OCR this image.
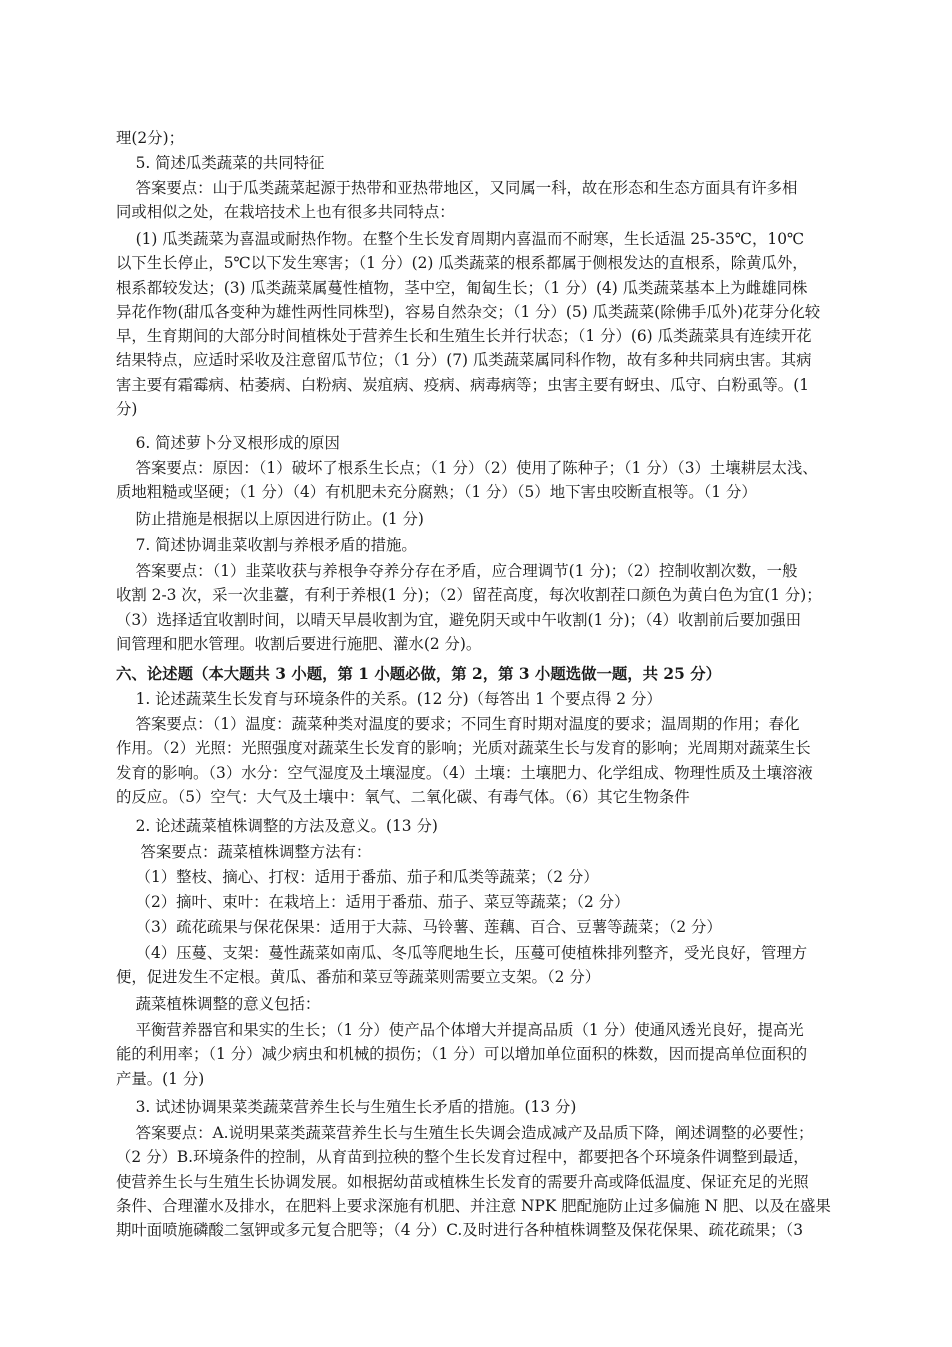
理(2分)；
5. 简述瓜类蔬菜的共同特征
答案要点：山于瓜类蔬菜起源于热带和亚热带地区，又同属一科，故在形态和生态方面具有许多相
同或相似之处，在栽培技术上也有很多共同特点：
(1) 瓜类蔬菜为喜温或耐热作物。在整个生长发育周期内喜温而不耐寒，生长适温 25-35℃，10℃
以下生长停止，5℃以下发生寒害；（1 分）(2) 瓜类蔬菜的根系都属于侧根发达的直根系，除黄瓜外，
根系都较发达；(3) 瓜类蔬菜属蔓性植物，茎中空，匍匐生长；（1 分）(4) 瓜类蔬菜基本上为雌雄同株
异花作物(甜瓜各变种为雄性两性同株型)，容易自然杂交；（1 分）(5) 瓜类蔬菜(除佛手瓜外)花芽分化较
早，生育期间的大部分时间植株处于营养生长和生殖生长并行状态；（1 分）(6) 瓜类蔬菜具有连续开花
结果特点，应适时采收及注意留瓜节位；（1 分）(7) 瓜类蔬菜属同科作物，故有多种共同病虫害。其病
害主要有霜霉病、枯萎病、白粉病、炭疽病、疫病、病毒病等；虫害主要有蚜虫、瓜守、白粉虱等。(1
分)
6. 简述萝卜分叉根形成的原因
答案要点：原因：（1）破坏了根系生长点；（1 分）（2）使用了陈种子；（1 分）（3）土壤耕层太浅、
质地粗糙或坚硬；（1 分）（4）有机肥未充分腐熟；（1 分）（5）地下害虫咬断直根等。（1 分）
防止措施是根据以上原因进行防止。(1 分)
7. 简述协调韭菜收割与养根矛盾的措施。
答案要点：（1）韭菜收获与养根争夺养分存在矛盾，应合理调节(1 分)；（2）控制收割次数，一般
收割 2-3 次，采一次韭薹，有利于养根(1 分)；（2）留茬高度，每次收割茬口颜色为黄白色为宜(1 分)；
（3）选择适宜收割时间，以晴天早晨收割为宜，避免阴天或中午收割(1 分)；（4）收割前后要加强田
间管理和肥水管理。收割后要进行施肥、灌水(2 分)。
六、论述题（本大题共 3 小题，第 1 小题必做，第 2，第 3 小题选做一题，共 25 分）
1. 论述蔬菜生长发育与环境条件的关系。(12 分)（每答出 1 个要点得 2 分）
答案要点：（1）温度：蔬菜种类对温度的要求；不同生育时期对温度的要求；温周期的作用；春化
作用。（2）光照：光照强度对蔬菜生长发育的影响；光质对蔬菜生长与发育的影响；光周期对蔬菜生长
发育的影响。（3）水分：空气湿度及土壤湿度。（4）土壤：土壤肥力、化学组成、物理性质及土壤溶液
的反应。（5）空气：大气及土壤中：氧气、二氧化碳、有毒气体。（6）其它生物条件
2. 论述蔬菜植株调整的方法及意义。(13 分)
答案要点：蔬菜植株调整方法有：
（1）整枝、摘心、打杈：适用于番茄、茄子和瓜类等蔬菜；（2 分）
（2）摘叶、束叶：在栽培上：适用于番茄、茄子、菜豆等蔬菜；（2 分）
（3）疏花疏果与保花保果：适用于大蒜、马铃薯、莲藕、百合、豆薯等蔬菜；（2 分）
（4）压蔓、支架：蔓性蔬菜如南瓜、冬瓜等爬地生长，压蔓可使植株排列整齐，受光良好，管理方
便，促进发生不定根。黄瓜、番茄和菜豆等蔬菜则需要立支架。（2 分）
蔬菜植株调整的意义包括：
平衡营养器官和果实的生长；（1 分）使产品个体增大并提高品质（1 分）使通风透光良好，提高光
能的利用率；（1 分）减少病虫和机械的损伤；（1 分）可以增加单位面积的株数，因而提高单位面积的
产量。(1 分)
3. 试述协调果菜类蔬菜营养生长与生殖生长矛盾的措施。(13 分)
答案要点：A.说明果菜类蔬菜营养生长与生殖生长失调会造成减产及品质下降，阐述调整的必要性；
（2 分）B.环境条件的控制，从育苗到拉秧的整个生长发育过程中，都要把各个环境条件调整到最适，
使营养生长与生殖生长协调发展。如根据幼苗或植株生长发育的需要升高或降低温度、保证充足的光照
条件、合理灌水及排水，在肥料上要求深施有机肥、并注意 NPK 肥配施防止过多偏施 N 肥、以及在盛果
期叶面喷施磷酸二氢钾或多元复合肥等；（4 分）C.及时进行各种植株调整及保花保果、疏花疏果；（3
